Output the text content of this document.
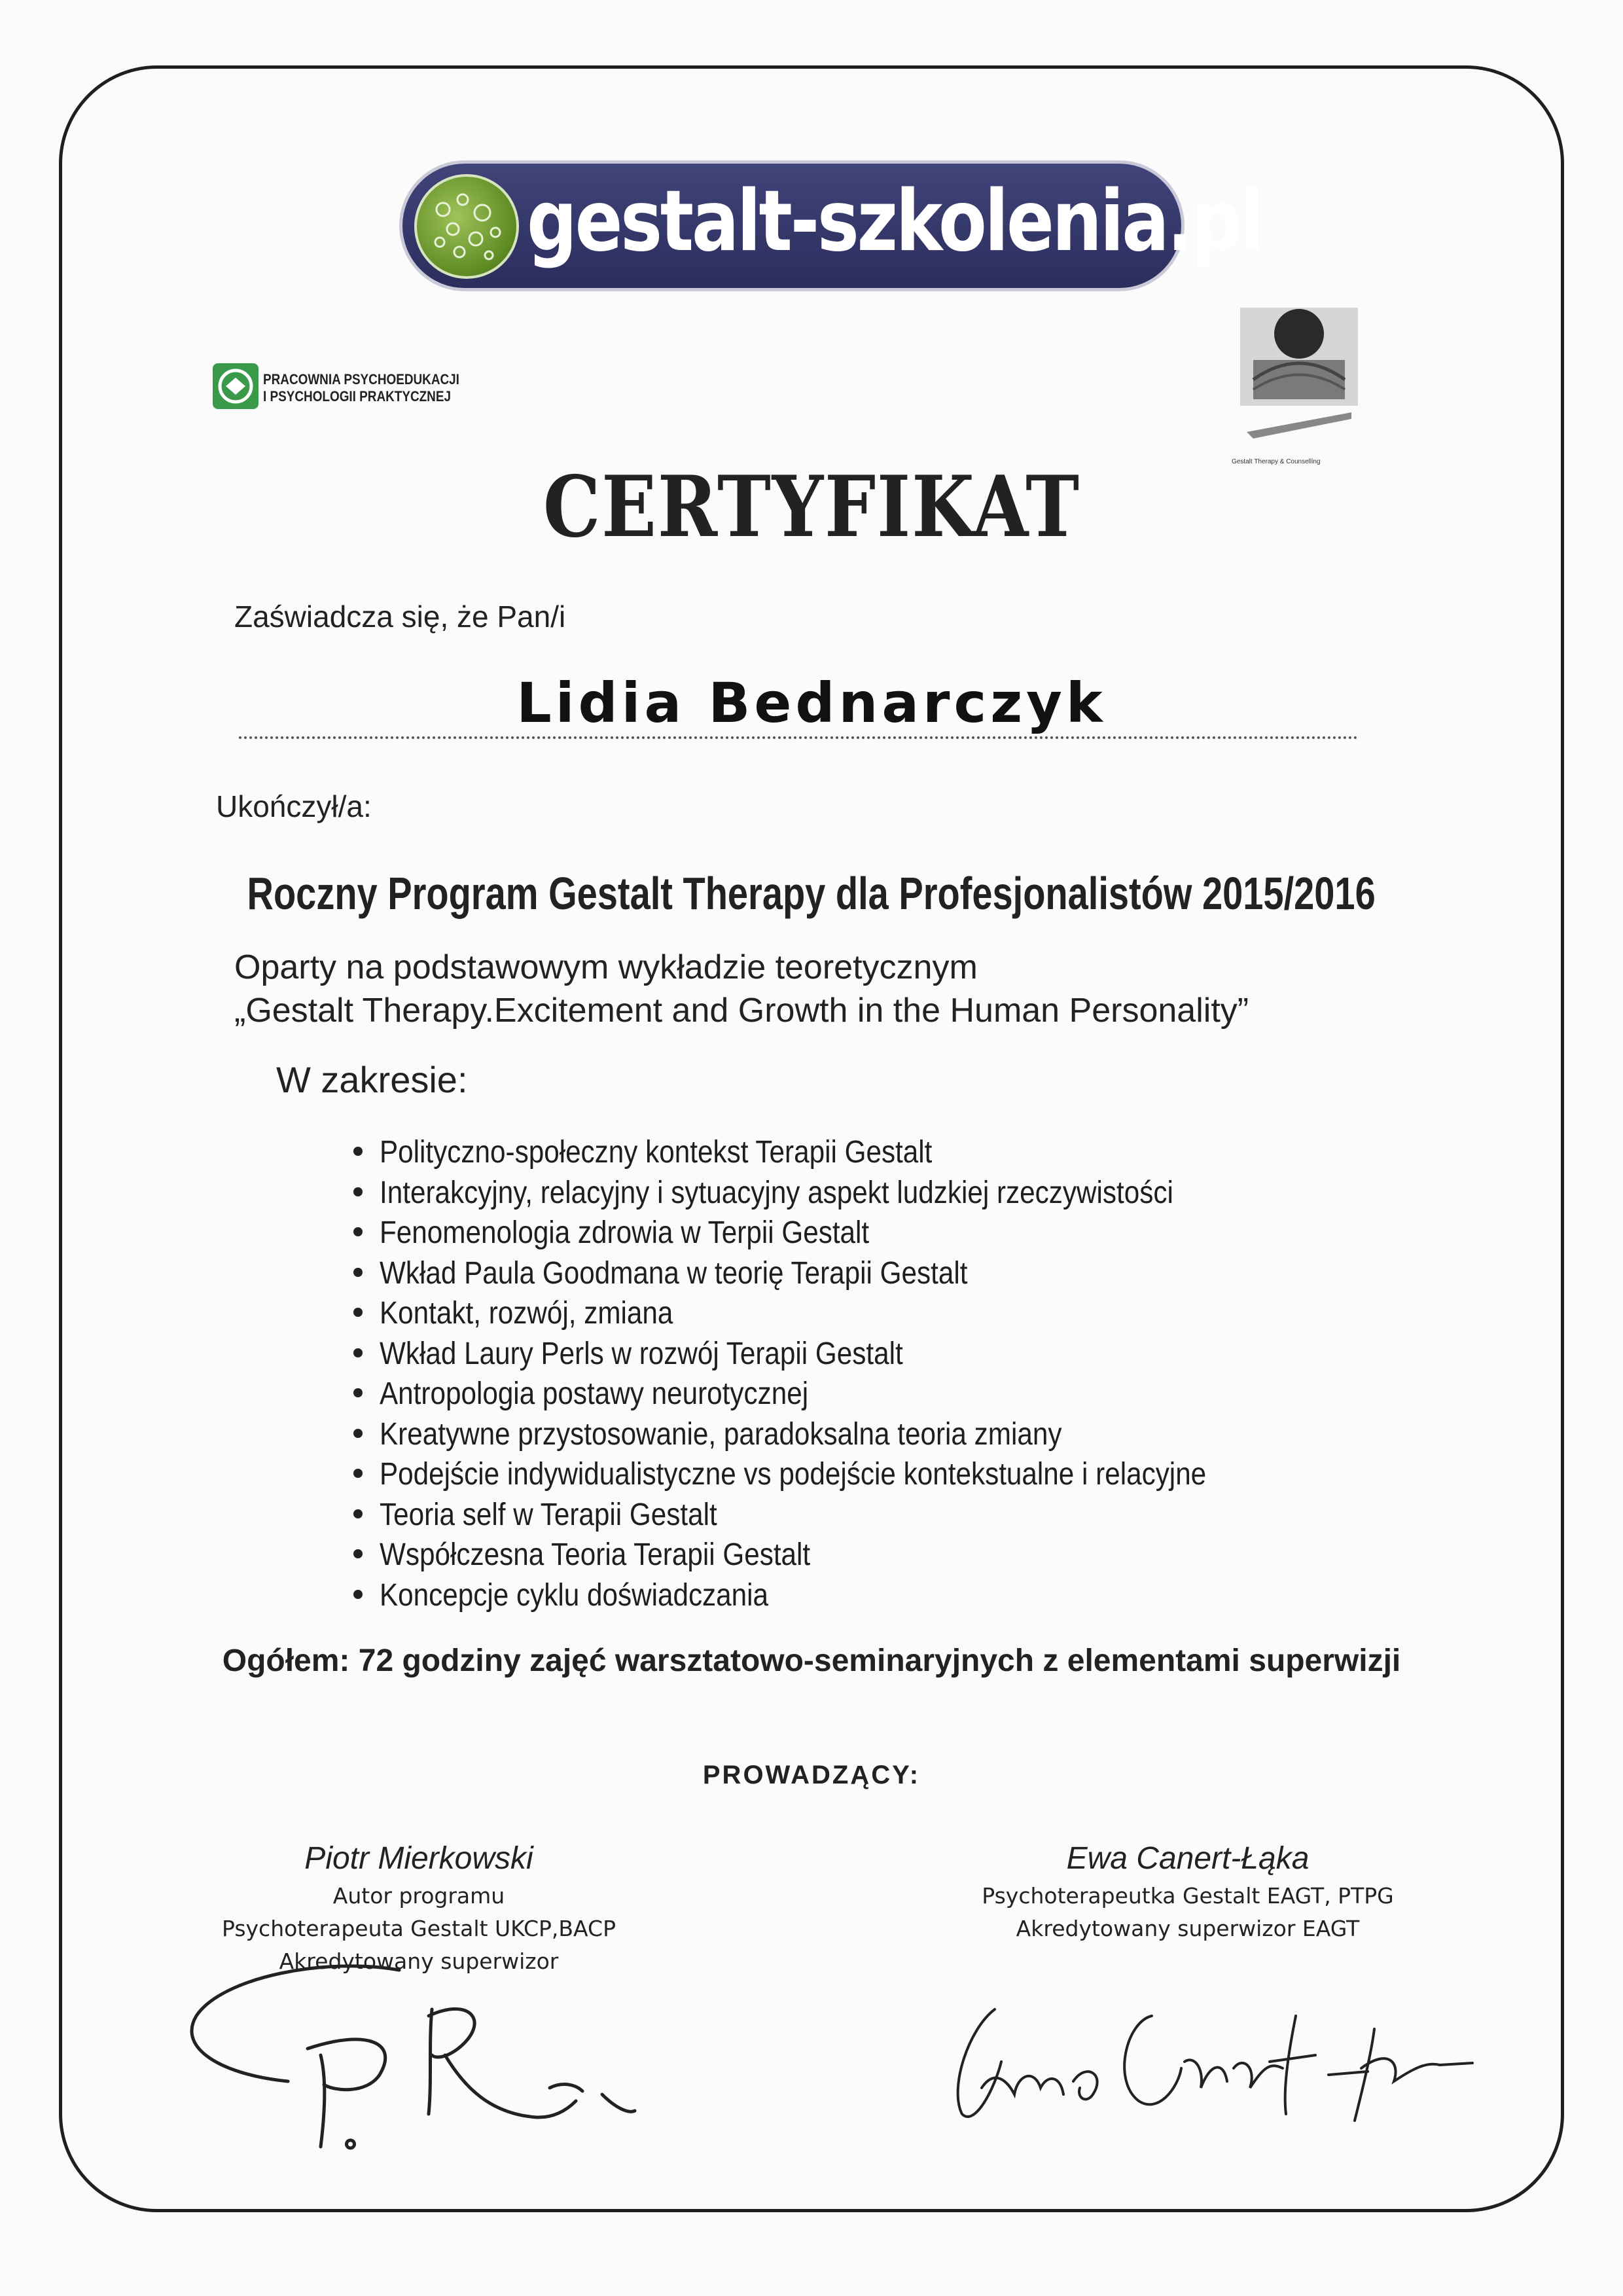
gestalt-szkolenia.pl
PRACOWNIA PSYCHOEDUKACJI
I PSYCHOLOGII PRAKTYCZNEJ
Gestalt Therapy & Counselling
CERTYFIKAT
Zaświadcza się, że Pan/i
Lidia Bednarczyk
Ukończył/a:
Roczny Program Gestalt Therapy dla Profesjonalistów 2015/2016
Oparty na podstawowym wykładzie teoretycznym
„Gestalt Therapy.Excitement and Growth in the Human Personality”
W zakresie:
Polityczno-społeczny kontekst Terapii Gestalt
Interakcyjny, relacyjny i sytuacyjny aspekt ludzkiej rzeczywistości
Fenomenologia zdrowia w Terpii Gestalt
Wkład Paula Goodmana w teorię Terapii Gestalt
Kontakt, rozwój, zmiana
Wkład Laury Perls w rozwój Terapii Gestalt
Antropologia postawy neurotycznej
Kreatywne przystosowanie, paradoksalna teoria zmiany
Podejście indywidualistyczne vs podejście kontekstualne i relacyjne
Teoria self w Terapii Gestalt
Współczesna Teoria Terapii Gestalt
Koncepcje cyklu doświadczania
Ogółem: 72 godziny zajęć warsztatowo-seminaryjnych z elementami superwizji
PROWADZĄCY:
Piotr Mierkowski
Autor programu
Psychoterapeuta Gestalt UKCP,BACP
Akredytowany superwizor
Ewa Canert-Łąka
Psychoterapeutka Gestalt EAGT, PTPG
Akredytowany superwizor EAGT
